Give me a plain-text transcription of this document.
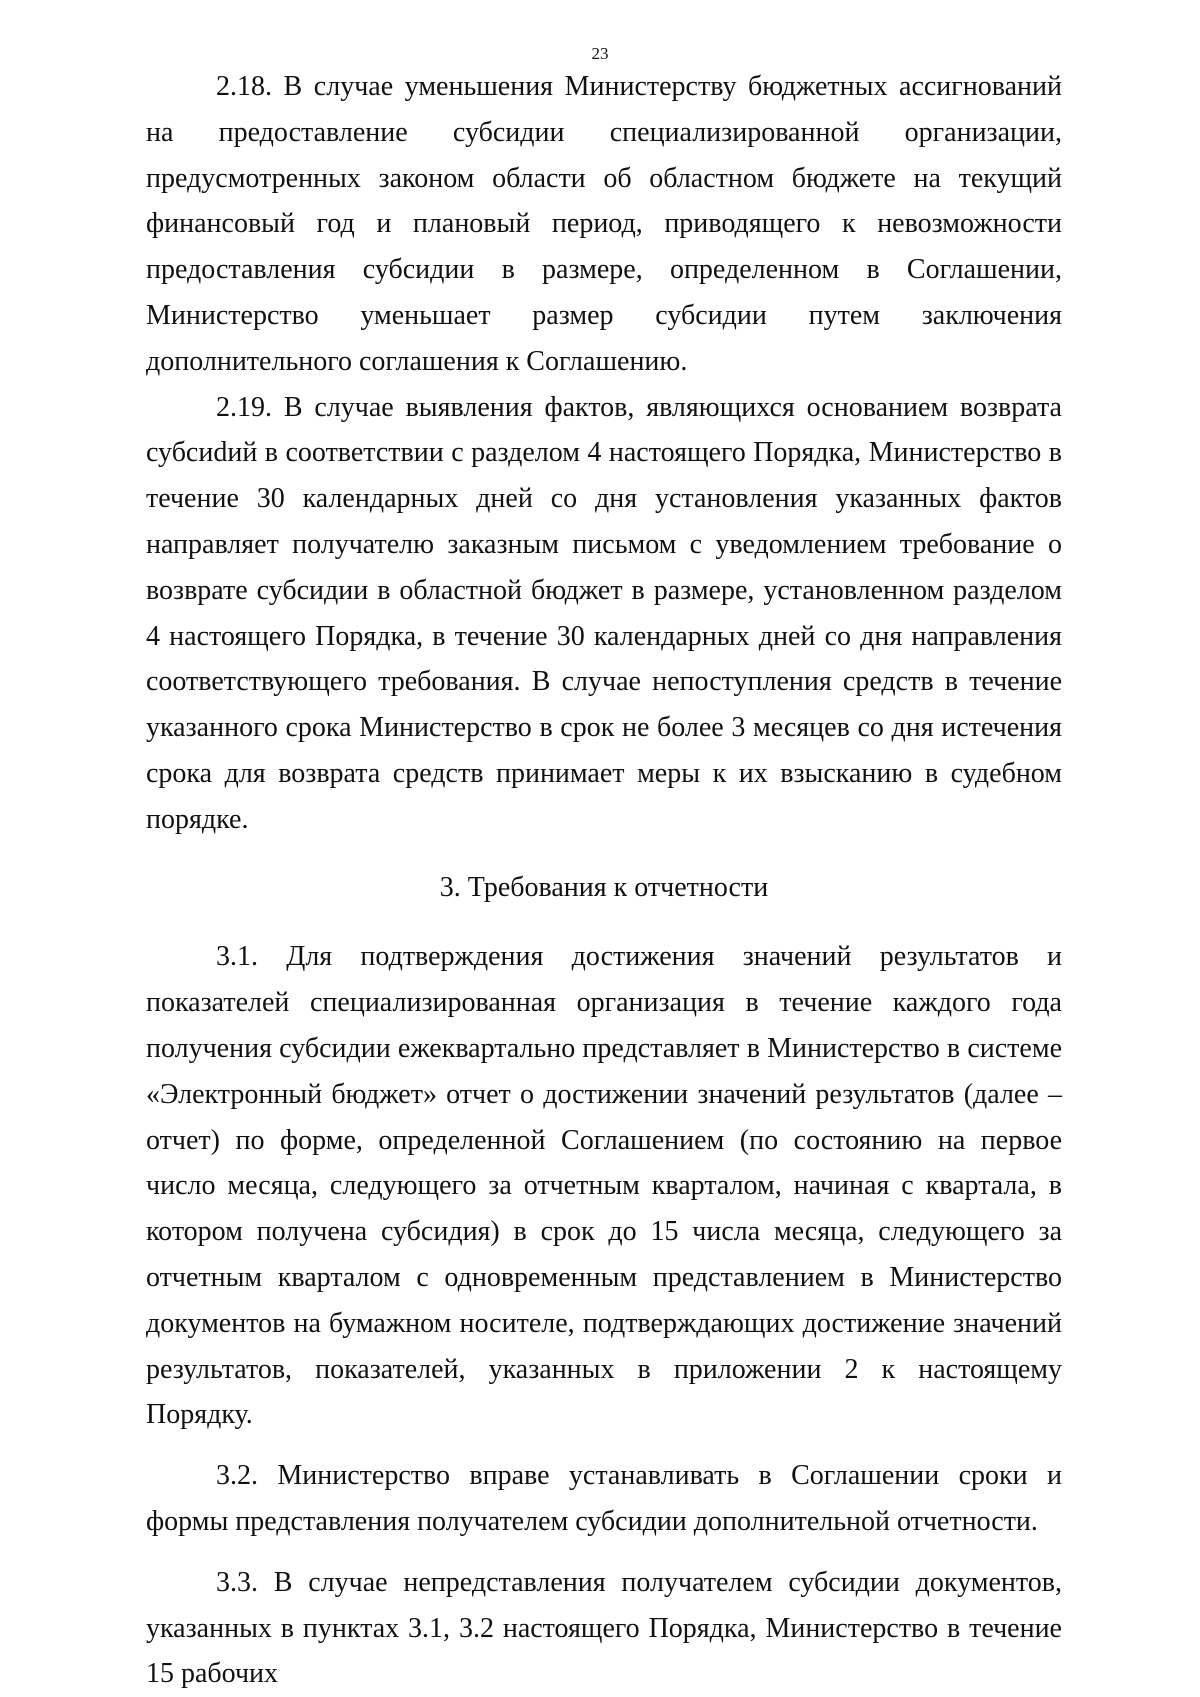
23

2.18. В случае уменьшения Министерству бюджетных ассигнований на предоставление субсидии специализированной организации, предусмотренных законом области об областном бюджете на текущий финансовый год и плановый период, приводящего к невозможности предоставления субсидии в размере, определенном в Соглашении, Министерство уменьшает размер субсидии путем заключения дополнительного соглашения к Соглашению.

2.19. В случае выявления фактов, являющихся основанием возврата субсиdий в соответствии с разделом 4 настоящего Порядка, Министерство в течение 30 календарных дней со дня установления указанных фактов направляет получателю заказным письмом с уведомлением требование о возврате субсидии в областной бюджет в размере, установленном разделом 4 настоящего Порядка, в течение 30 календарных дней со дня направления соответствующего требования. В случае непоступления средств в течение указанного срока Министерство в срок не более 3 месяцев со дня истечения срока для возврата средств принимает меры к их взысканию в судебном порядке.

3. Требования к отчетности

3.1. Для подтверждения достижения значений результатов и показателей специализированная организация в течение каждого года получения субсидии ежеквартально представляет в Министерство в системе «Электронный бюджет» отчет о достижении значений результатов (далее – отчет) по форме, определенной Соглашением (по состоянию на первое число месяца, следующего за отчетным кварталом, начиная с квартала, в котором получена субсидия) в срок до 15 числа месяца, следующего за отчетным кварталом с одновременным представлением в Министерство документов на бумажном носителе, подтверждающих достижение значений результатов, показателей, указанных в приложении 2 к настоящему Порядку.

3.2. Министерство вправе устанавливать в Соглашении сроки и формы представления получателем субсидии дополнительной отчетности.

3.3. В случае непредставления получателем субсидии документов, указанных в пунктах 3.1, 3.2 настоящего Порядка, Министерство в течение 15 рабочих
